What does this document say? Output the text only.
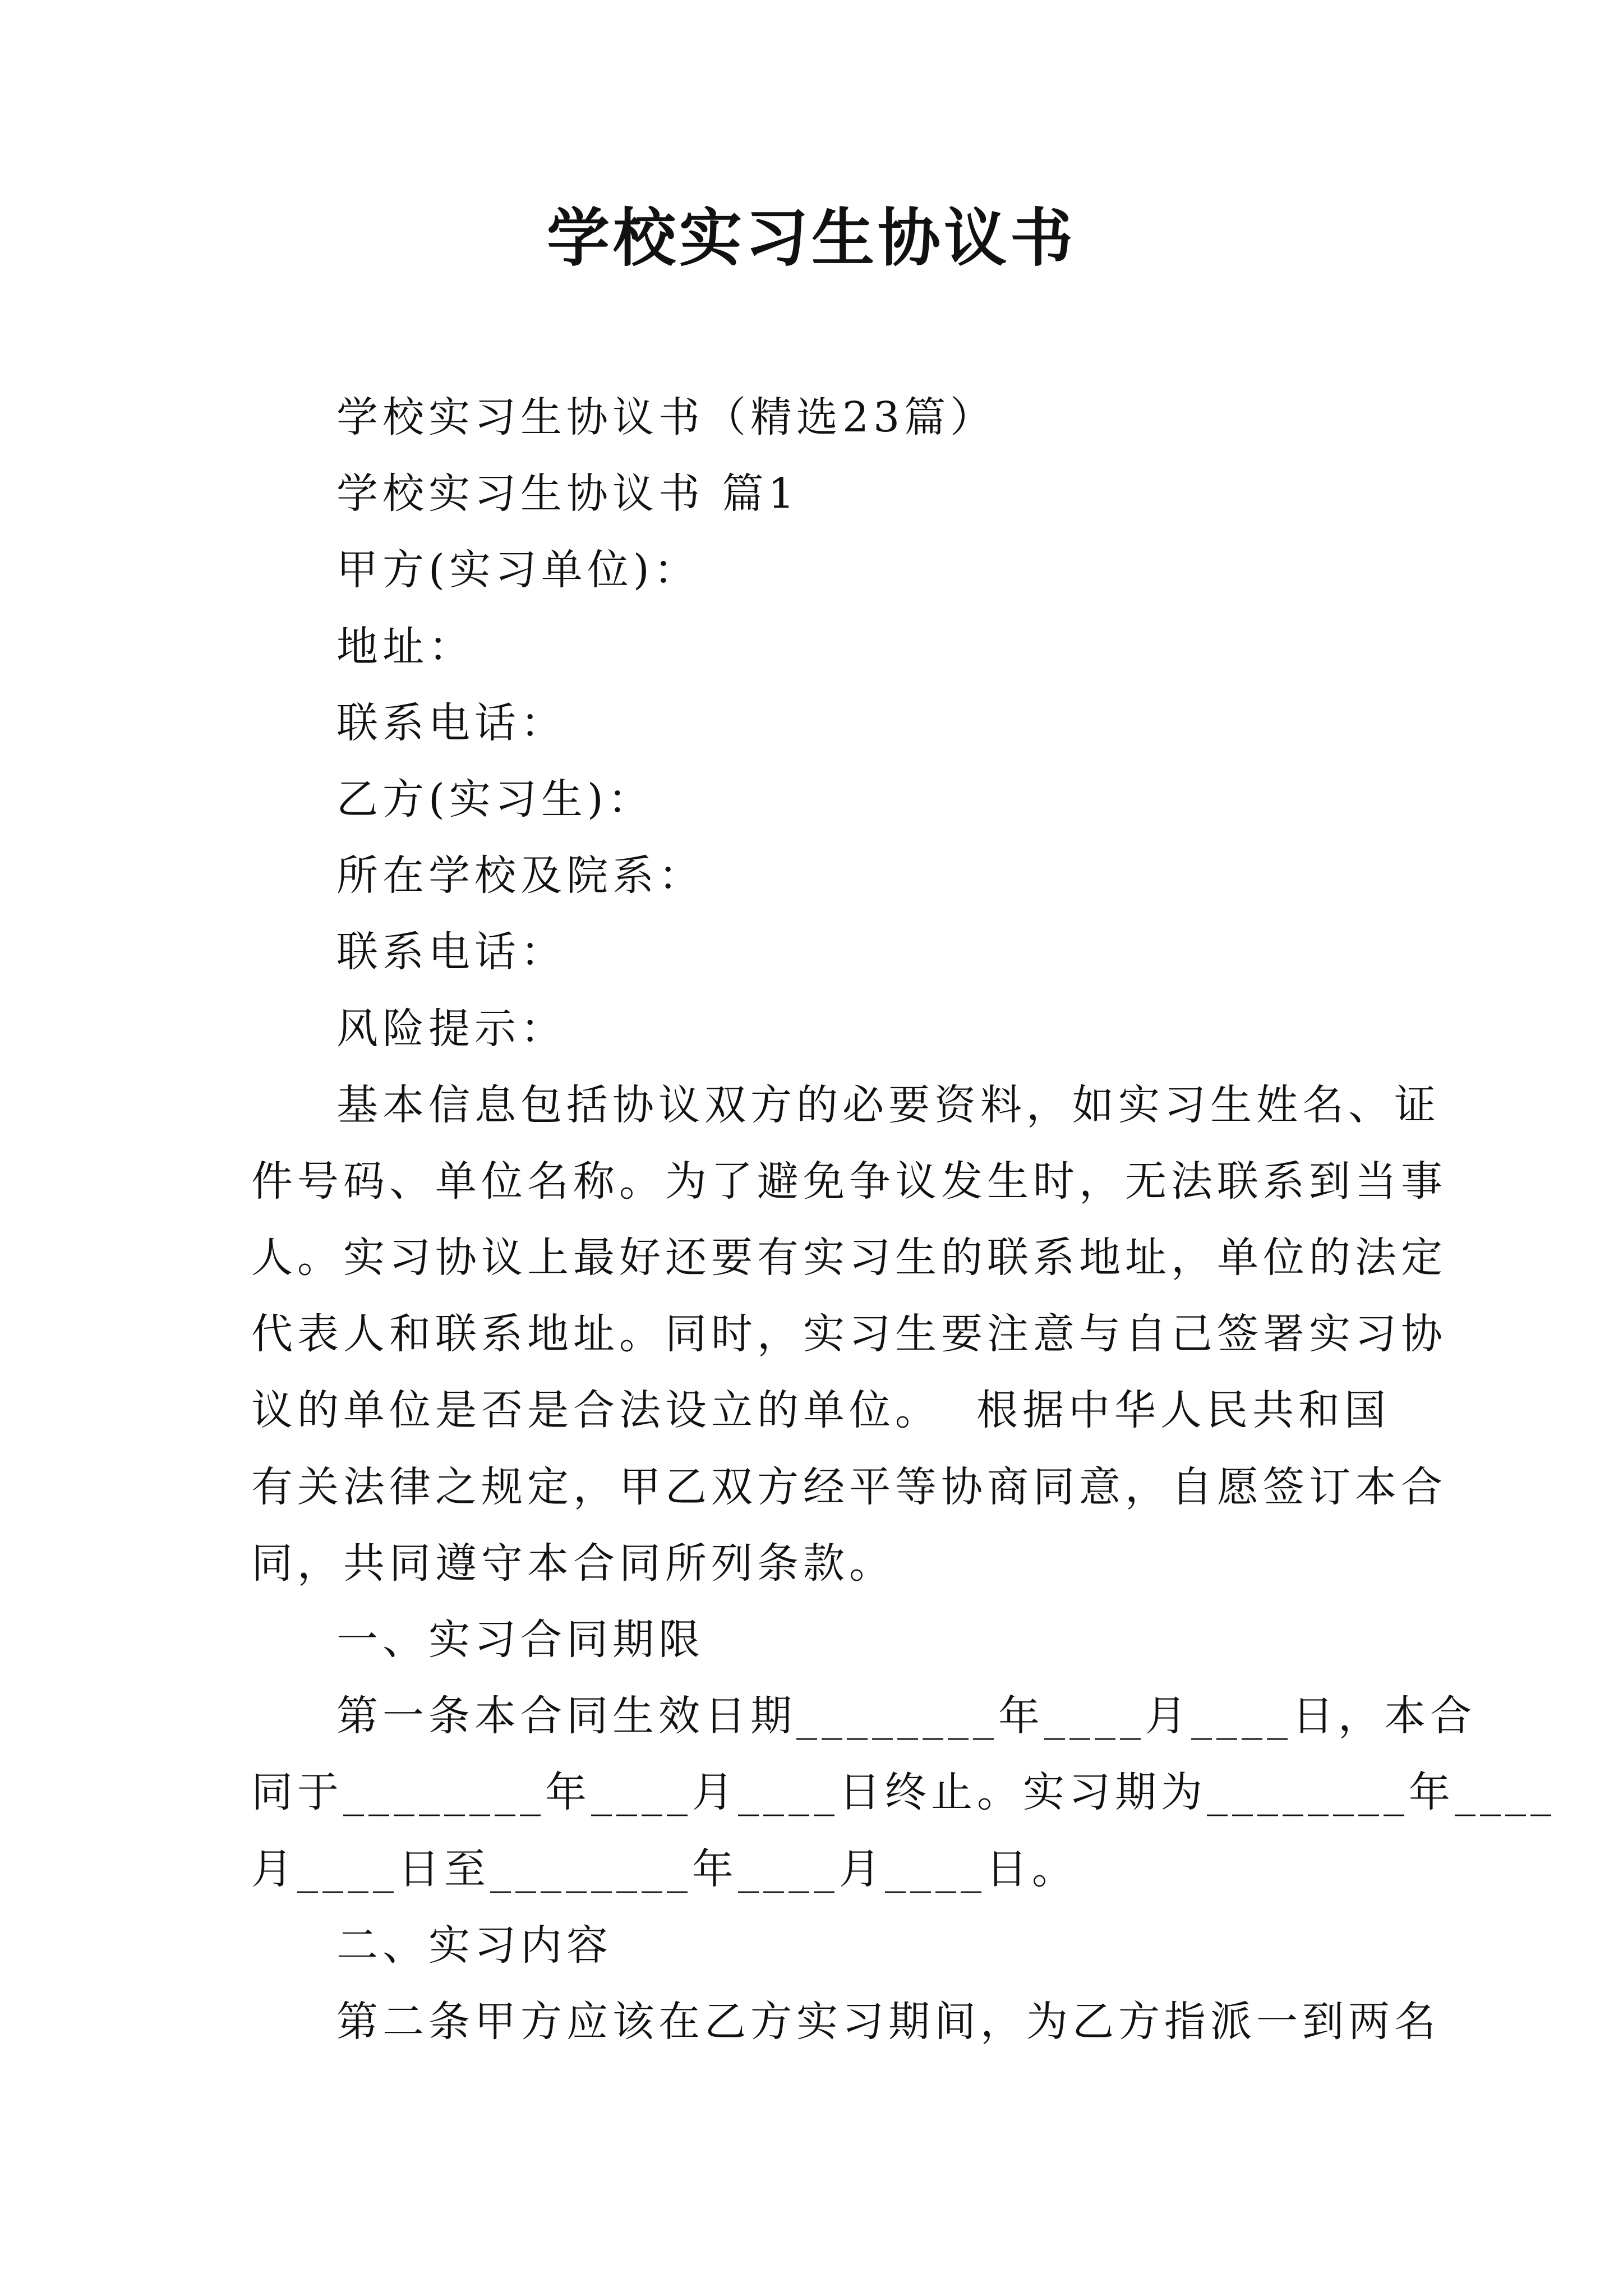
学校实习生协议书
学校实习生协议书（精选23篇）
学校实习生协议书 篇1
甲方(实习单位)：
地址：
联系电话：
乙方(实习生)：
所在学校及院系：
联系电话：
风险提示：
基本信息包括协议双方的必要资料，如实习生姓名、证
件号码、单位名称。为了避免争议发生时，无法联系到当事
人。实习协议上最好还要有实习生的联系地址，单位的法定
代表人和联系地址。同时，实习生要注意与自己签署实习协
议的单位是否是合法设立的单位。  根据中华人民共和国
有关法律之规定，甲乙双方经平等协商同意，自愿签订本合
同，共同遵守本合同所列条款。
一、实习合同期限
第一条本合同生效日期________年____月____日，本合
同于________年____月____日终止。实习期为________年____
月____日至________年____月____日。
二、实习内容
第二条甲方应该在乙方实习期间，为乙方指派一到两名
